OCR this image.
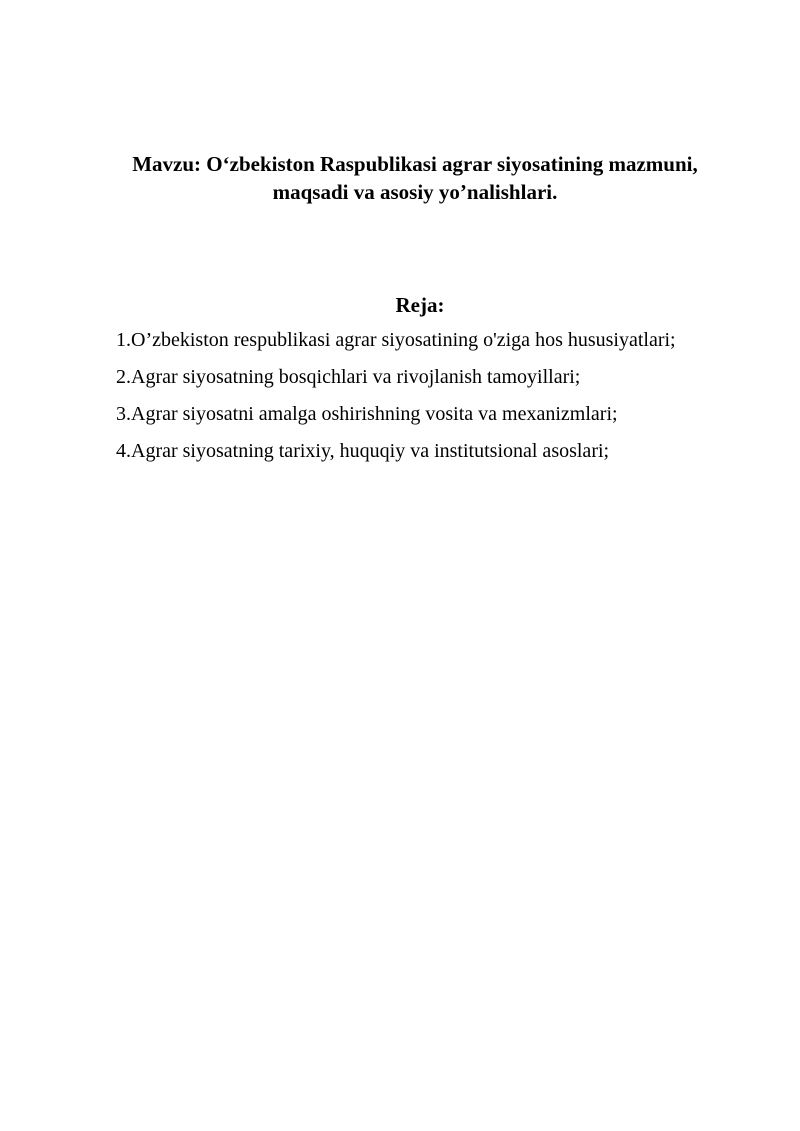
Mavzu: O‘zbekiston Raspublikasi agrar siyosatining mazmuni,
maqsadi va asosiy yo’nalishlari.
Reja:
1.O’zbekiston respublikasi agrar siyosatining o'ziga hos hususiyatlari;
2.Agrar siyosatning bosqichlari va rivojlanish tamoyillari;
3.Agrar siyosatni amalga oshirishning vosita va mexanizmlari;
4.Agrar siyosatning tarixiy, huquqiy va institutsional asoslari;
